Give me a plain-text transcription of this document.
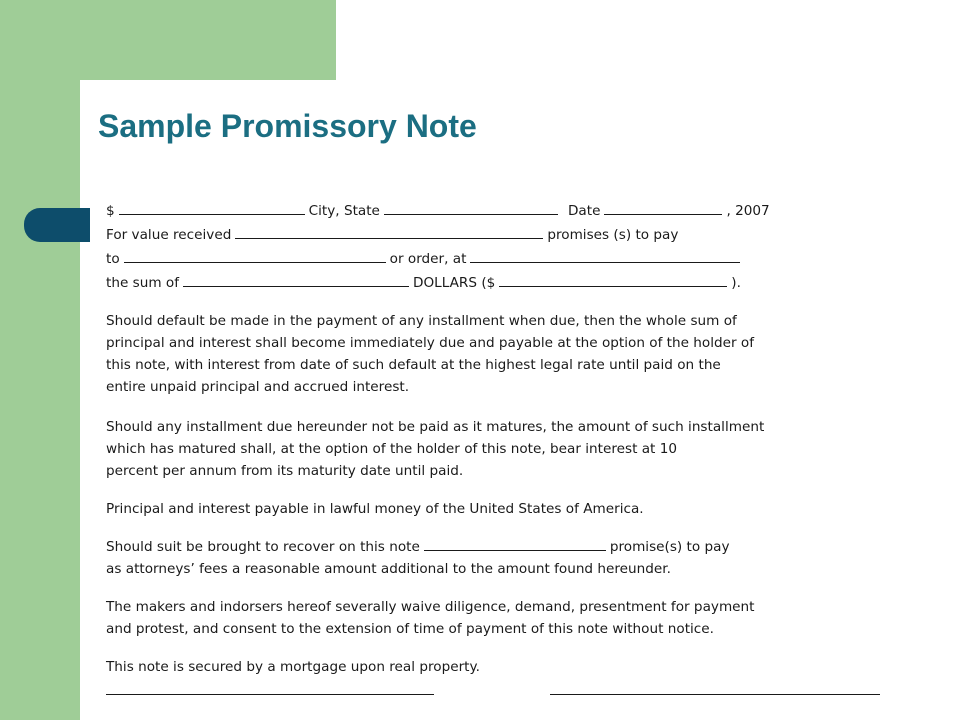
Sample Promissory Note
$	City, State	Date	, 2007
For value received	promises (s) to pay
to	or order, at
the sum of	DOLLARS ($	).

Should default be made in the payment of any installment when due, then the whole sum of

principal and interest shall become immediately due and payable at the option of the holder of

this note, with interest from date of such default at the highest legal rate until paid on the

entire unpaid principal and accrued interest.

Should any installment due hereunder not be paid as it matures, the amount of such installment

which has matured shall, at the option of the holder of this note, bear interest at 10

percent per annum from its maturity date until paid.

Principal and interest payable in lawful money of the United States of America.

Should suit be brought to recover on this note	promise(s) to pay

as attorneys’ fees a reasonable amount additional to the amount found hereunder.

The makers and indorsers hereof severally waive diligence, demand, presentment for payment

and protest, and consent to the extension of time of payment of this note without notice.

This note is secured by a mortgage upon real property.
